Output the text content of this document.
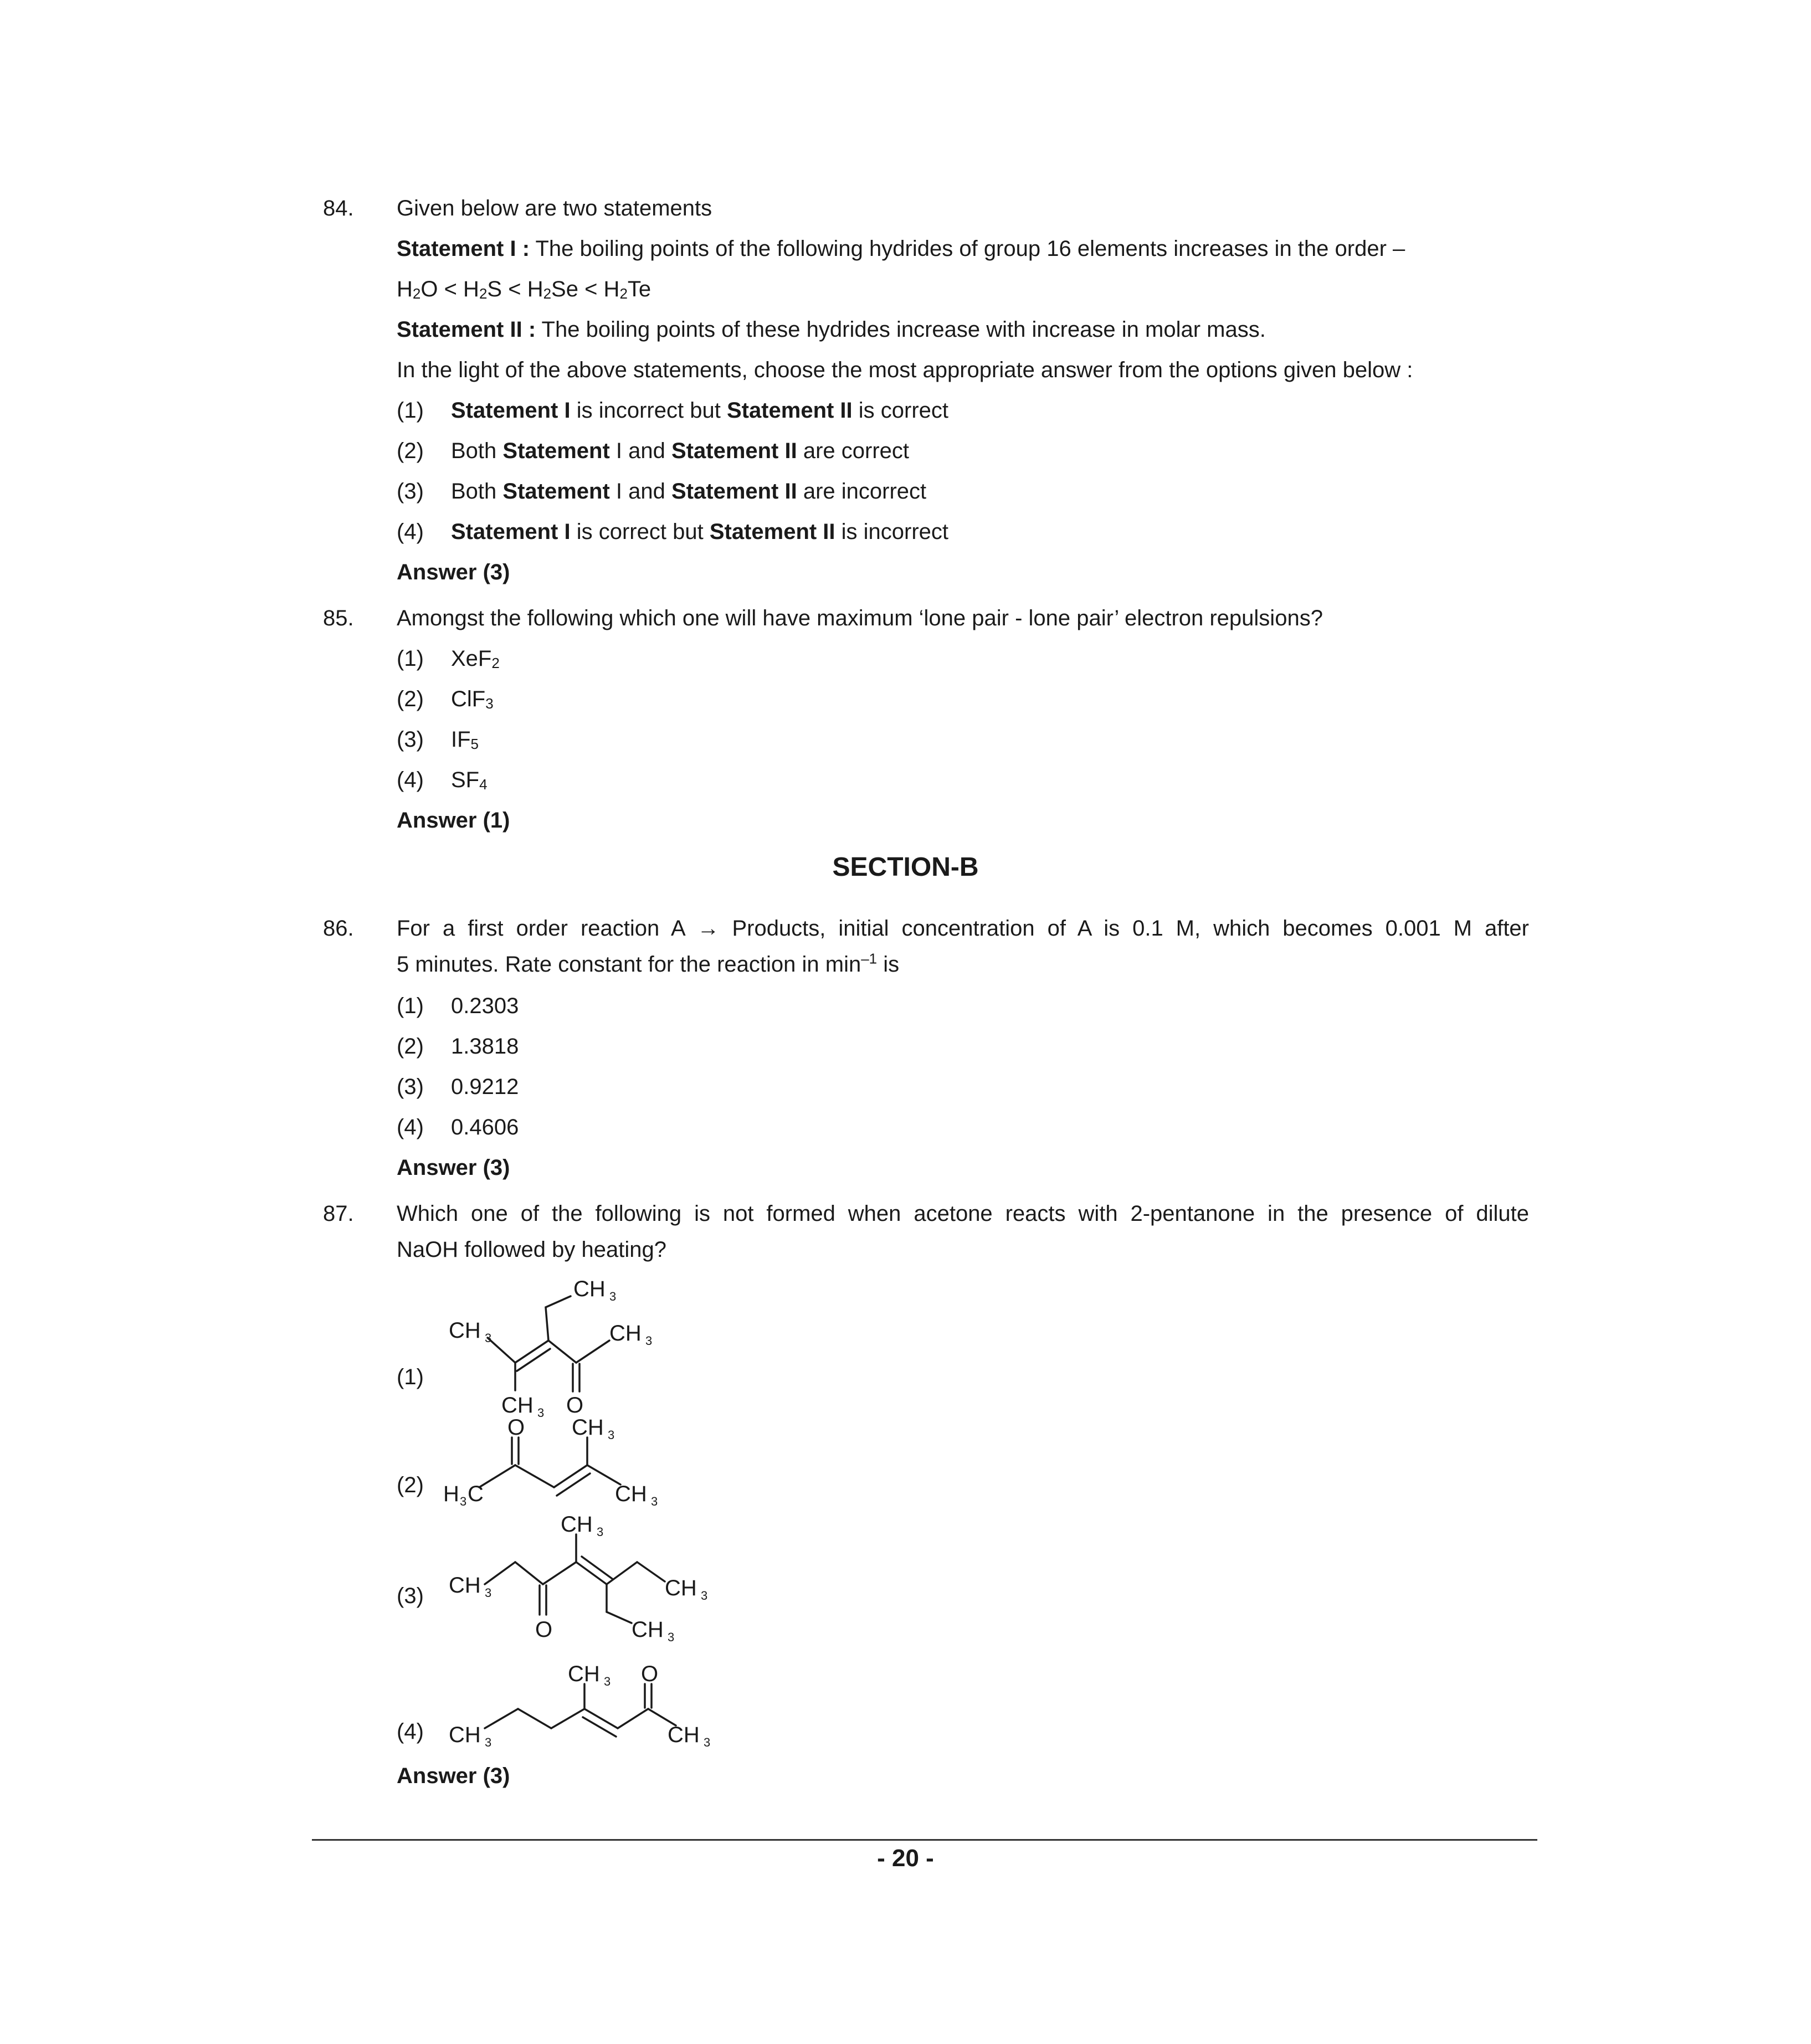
84. Given below are two statements
Statement I : The boiling points of the following hydrides of group 16 elements increases in the order –
$H_2O < H_2S < H_2Se < H_2Te$
Statement II : The boiling points of these hydrides increase with increase in molar mass.
In the light of the above statements, choose the most appropriate answer from the options given below :
(1) Statement I is incorrect but Statement II is correct
(2) Both Statement I and Statement II are correct
(3) Both Statement I and Statement II are incorrect
(4) Statement I is correct but Statement II is incorrect
Answer (3)
85. Amongst the following which one will have maximum ‘lone pair - lone pair’ electron repulsions?
(1) XeF$_2$
(2) ClF$_3$
(3) $IF_5$
(4) $SF_4$
Answer (1)
SECTION-B
86. For a first order reaction A → Products, initial concentration of A is 0.1 M, which becomes 0.001 M after
5 minutes. Rate constant for the reaction in $\min^{-1}$ is
(1) 0.2303
(2) 1.3818
(3) 0.9212
(4) 0.4606
Answer (3)
87. Which one of the following is not formed when acetone reacts with 2-pentanone in the presence of dilute
NaOH followed by heating?
(1)
CH 3
CH 3	CH 3
CH 3 O
(2) H 3 C
O CH 3
CH 3
(3)
CH 3
CH 3	CH 3
O	CH 3
(4)
CH 3 O
CH 3	CH 3
Answer (3)
- 20 -
